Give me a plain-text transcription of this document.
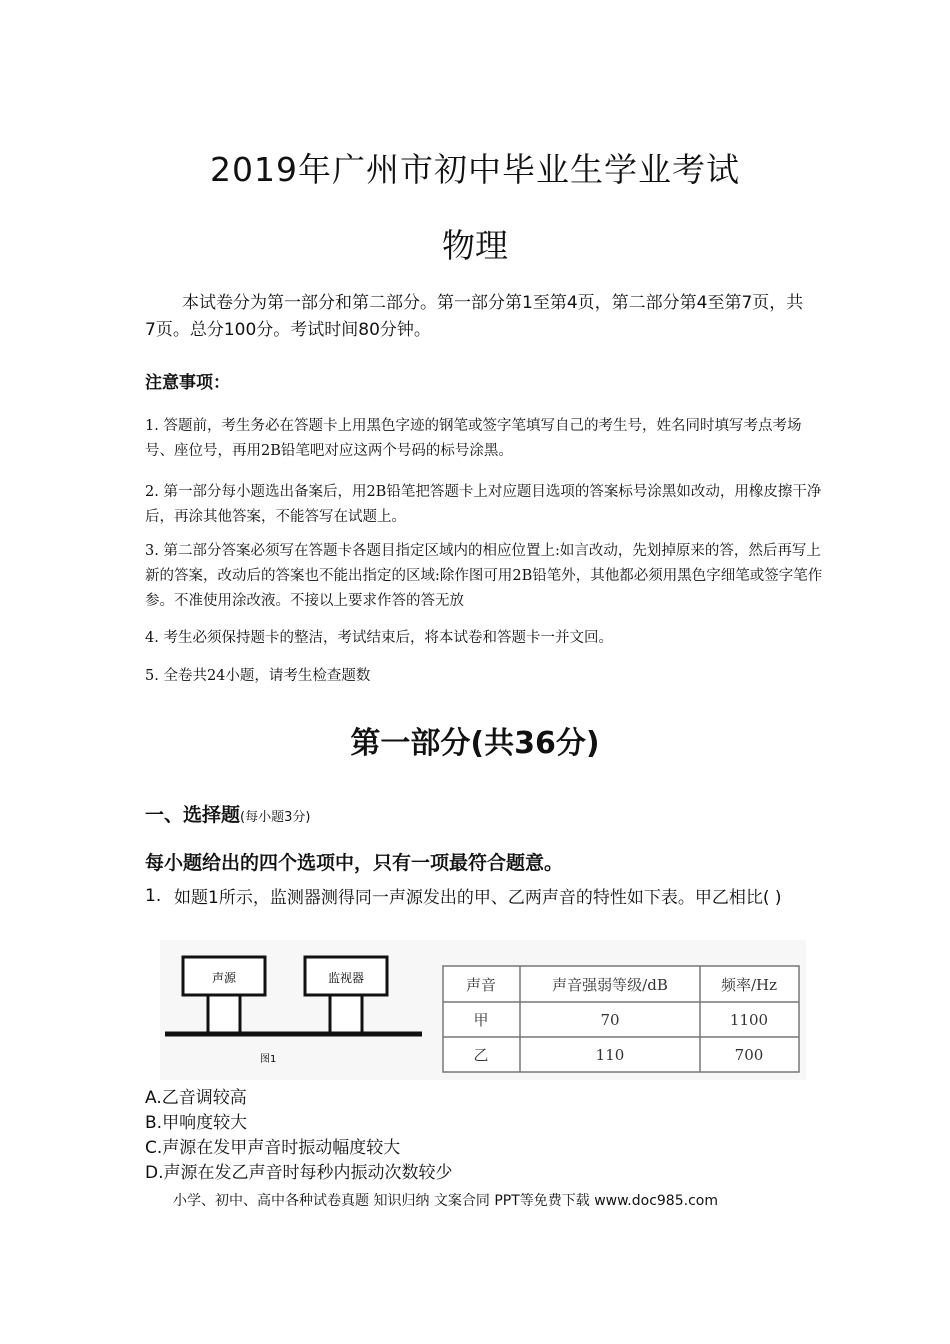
2019年广州市初中毕业生学业考试
物理
本试卷分为第一部分和第二部分。第一部分第1至第4页，第二部分第4至第7页，共7页。总分100分。考试时间80分钟。
注意事项：
1. 答题前，考生务必在答题卡上用黑色字迹的钢笔或签字笔填写自己的考生号，姓名同时填写考点考场号、座位号，再用2B铅笔吧对应这两个号码的标号涂黑。
2. 第一部分每小题选出备案后，用2B铅笔把答题卡上对应题目选项的答案标号涂黑如改动，用橡皮擦干净后，再涂其他答案，不能答写在试题上。
3. 第二部分答案必须写在答题卡各题目指定区域内的相应位置上:如言改动，先划掉原来的答，然后再写上新的答案，改动后的答案也不能出指定的区域:除作图可用2B铅笔外，其他都必须用黑色字细笔或签字笔作参。不准使用涂改液。不接以上要求作答的答无放
4. 考生必须保持题卡的整洁，考试结束后，将本试卷和答题卡一并文回。
5. 全卷共24小题，请考生检查题数
第一部分(共36分)
一、选择题(每小题3分)
每小题给出的四个选项中，只有一项最符合题意。
1. 如题1所示，监测器测得同一声源发出的甲、乙两声音的特性如下表。甲乙相比( )
声源	监视器
图1
声音	声音强弱等级/dB	频率/Hz
甲	70	1100
乙	110	700
A.乙音调较高
B.甲响度较大
C.声源在发甲声音时振动幅度较大
D.声源在发乙声音时每秒内振动次数较少
小学、初中、高中各种试卷真题 知识归纳 文案合同 PPT等免费下载 www.doc985.com
